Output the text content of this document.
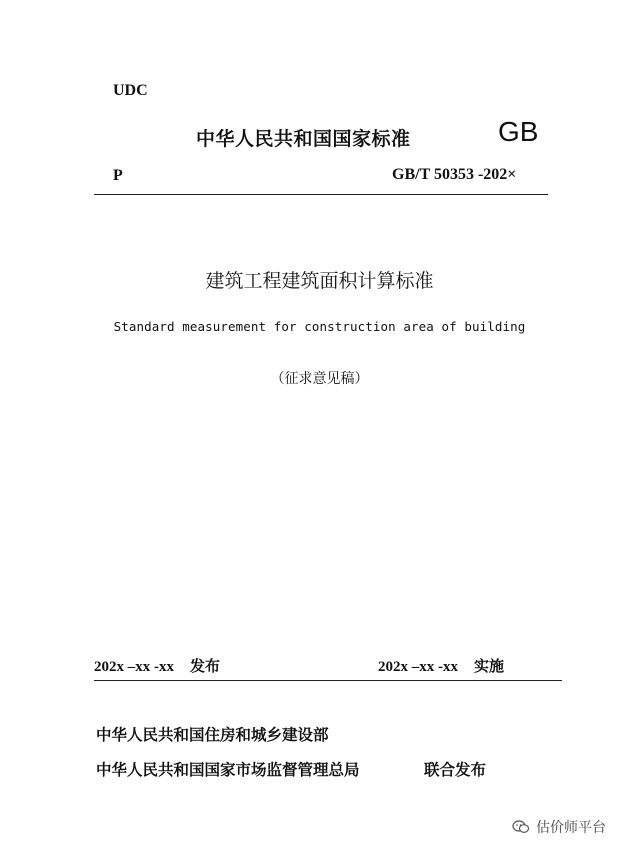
UDC
中华人民共和国国家标准	GB
P	GB/T 50353 -202×
建筑工程建筑面积计算标准
Standard measurement for construction area of building
（征求意见稿）
202x –xx -xx 发布	202x –xx -xx 实施
中华人民共和国住房和城乡建设部
中华人民共和国国家市场监督管理总局	联合发布
估价师平台
